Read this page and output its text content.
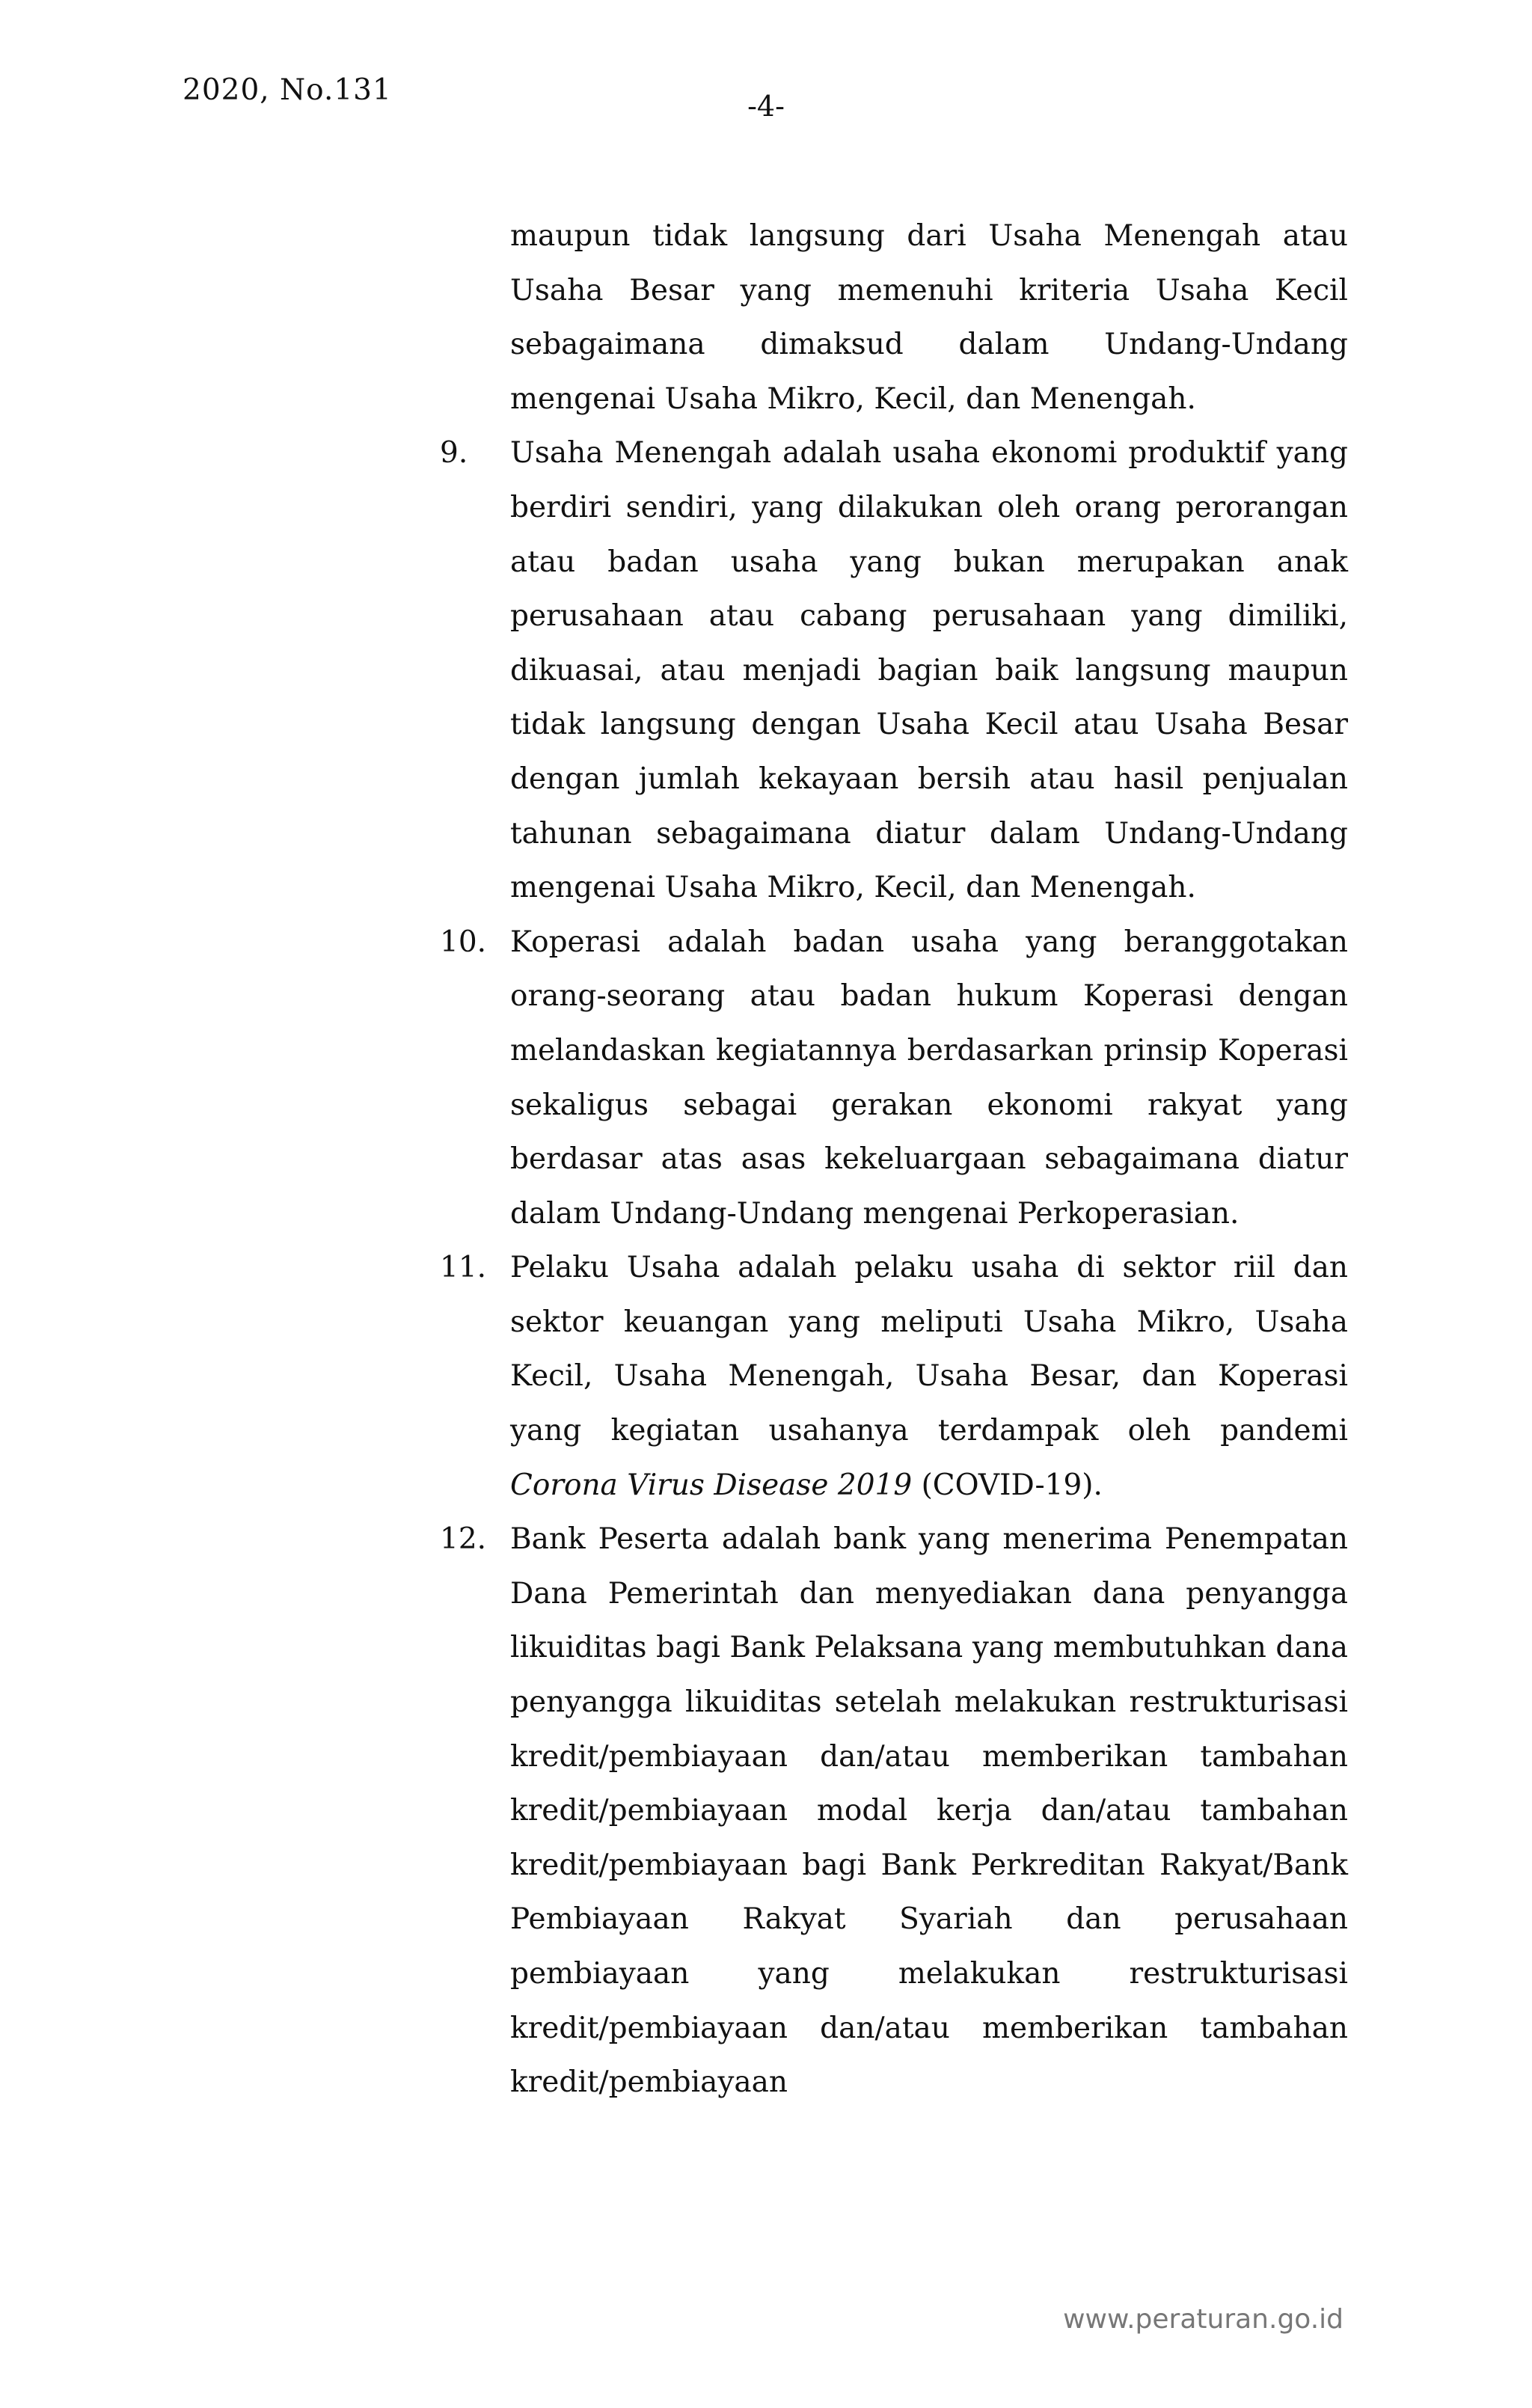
2020, No.131	-4-
maupun tidak langsung dari Usaha Menengah atau Usaha Besar yang memenuhi kriteria Usaha Kecil sebagaimana dimaksud dalam Undang-Undang mengenai Usaha Mikro, Kecil, dan Menengah.
9. Usaha Menengah adalah usaha ekonomi produktif yang berdiri sendiri, yang dilakukan oleh orang perorangan atau badan usaha yang bukan merupakan anak perusahaan atau cabang perusahaan yang dimiliki, dikuasai, atau menjadi bagian baik langsung maupun tidak langsung dengan Usaha Kecil atau Usaha Besar dengan jumlah kekayaan bersih atau hasil penjualan tahunan sebagaimana diatur dalam Undang-Undang mengenai Usaha Mikro, Kecil, dan Menengah.
10. Koperasi adalah badan usaha yang beranggotakan orang-seorang atau badan hukum Koperasi dengan melandaskan kegiatannya berdasarkan prinsip Koperasi sekaligus sebagai gerakan ekonomi rakyat yang berdasar atas asas kekeluargaan sebagaimana diatur dalam Undang-Undang mengenai Perkoperasian.
11. Pelaku Usaha adalah pelaku usaha di sektor riil dan sektor keuangan yang meliputi Usaha Mikro, Usaha Kecil, Usaha Menengah, Usaha Besar, dan Koperasi yang kegiatan usahanya terdampak oleh pandemi Corona Virus Disease 2019 (COVID-19).
12. Bank Peserta adalah bank yang menerima Penempatan Dana Pemerintah dan menyediakan dana penyangga likuiditas bagi Bank Pelaksana yang membutuhkan dana penyangga likuiditas setelah melakukan restrukturisasi kredit/pembiayaan dan/atau memberikan tambahan kredit/pembiayaan modal kerja dan/atau tambahan kredit/pembiayaan bagi Bank Perkreditan Rakyat/Bank Pembiayaan Rakyat Syariah dan perusahaan pembiayaan yang melakukan restrukturisasi kredit/pembiayaan dan/atau memberikan tambahan kredit/pembiayaan
www.peraturan.go.id
